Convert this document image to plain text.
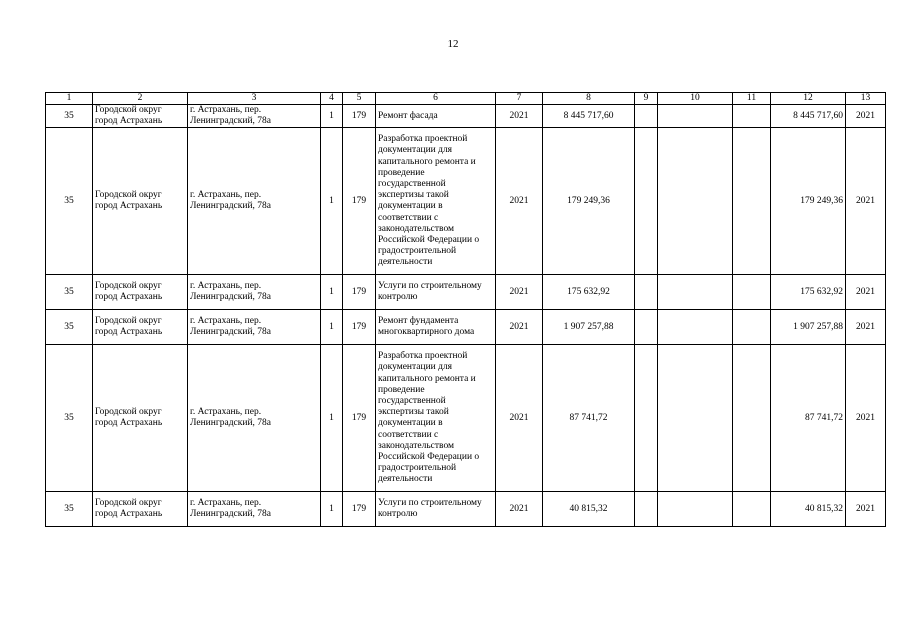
12
1	2	3	4	5	6	7	8	9	10	11	12	13
35	Городской округ город Астрахань	г. Астрахань, пер. Ленинградский, 78а	1	179	Ремонт фасада	2021	8 445 717,60				8 445 717,60	2021
35	Городской округ город Астрахань	г. Астрахань, пер. Ленинградский, 78а	1	179	Разработка проектной документации для капитального ремонта и проведение государственной экспертизы такой документации в соответствии с законодательством Российской Федерации о градостроительной деятельности	2021	179 249,36				179 249,36	2021
35	Городской округ город Астрахань	г. Астрахань, пер. Ленинградский, 78а	1	179	Услуги по строительному контролю	2021	175 632,92				175 632,92	2021
35	Городской округ город Астрахань	г. Астрахань, пер. Ленинградский, 78а	1	179	Ремонт фундамента многоквартирного дома	2021	1 907 257,88				1 907 257,88	2021
35	Городской округ город Астрахань	г. Астрахань, пер. Ленинградский, 78а	1	179	Разработка проектной документации для капитального ремонта и проведение государственной экспертизы такой документации в соответствии с законодательством Российской Федерации о градостроительной деятельности	2021	87 741,72				87 741,72	2021
35	Городской округ город Астрахань	г. Астрахань, пер. Ленинградский, 78а	1	179	Услуги по строительному контролю	2021	40 815,32				40 815,32	2021
